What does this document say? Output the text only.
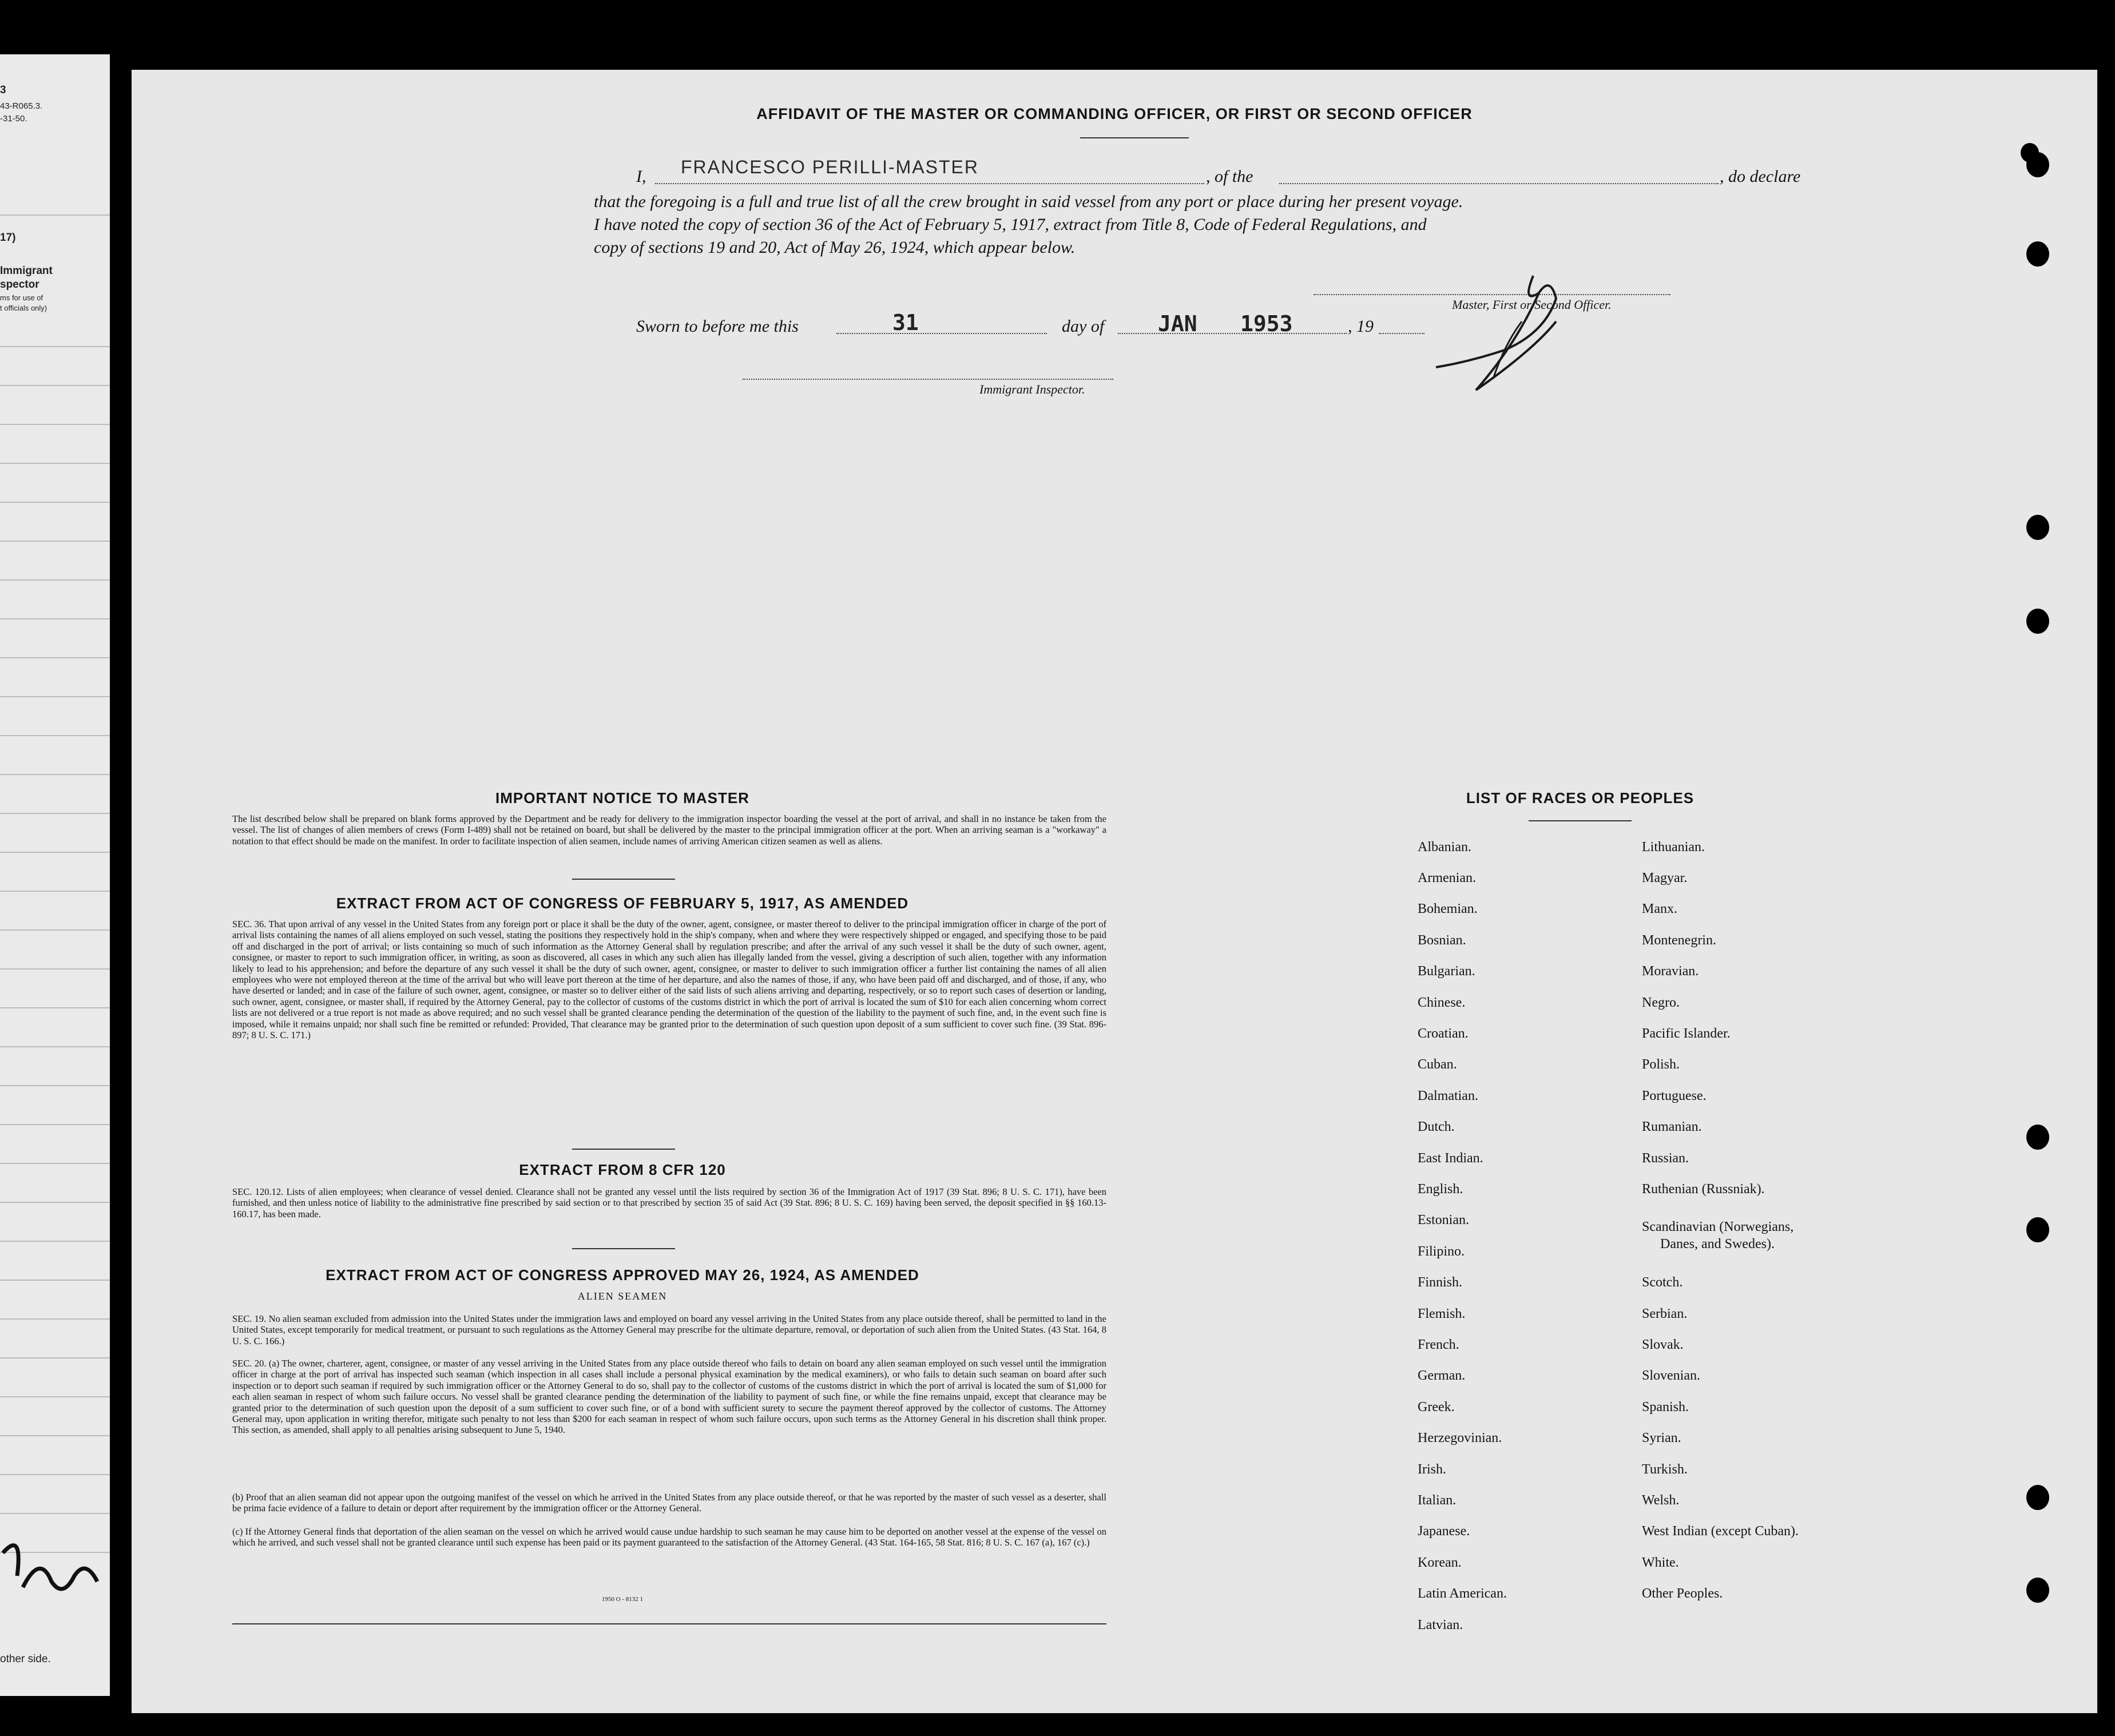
3
43-R065.3.
-31-50.
17)
Immigrant
spector
ms for use of
t officials only)
other side.
AFFIDAVIT OF THE MASTER OR COMMANDING OFFICER, OR FIRST OR SECOND OFFICER
I, FRANCESCO PERILLI-MASTER	, of the	, do declare
that the foregoing is a full and true list of all the crew brought in said vessel from any port or place during her present voyage.
I have noted the copy of section 36 of the Act of February 5, 1917, extract from Title 8, Code of Federal Regulations, and
copy of sections 19 and 20, Act of May 26, 1924, which appear below.
Master, First or Second Officer.
Sworn to before me this	31	day of JAN 1953	, 19
Immigrant Inspector.
IMPORTANT NOTICE TO MASTER
The list described below shall be prepared on blank forms approved by the Department and be ready for delivery to the immigration inspector boarding the vessel at the port of arrival, and shall in no instance be taken from the vessel. The list of changes of alien members of crews (Form I-489) shall not be retained on board, but shall be delivered by the master to the principal immigration officer at the port. When an arriving seaman is a "workaway" a notation to that effect should be made on the manifest. In order to facilitate inspection of alien seamen, include names of arriving American citizen seamen as well as aliens.
EXTRACT FROM ACT OF CONGRESS OF FEBRUARY 5, 1917, AS AMENDED
SEC. 36. That upon arrival of any vessel in the United States from any foreign port or place it shall be the duty of the owner, agent, consignee, or master thereof to deliver to the principal immigration officer in charge of the port of arrival lists containing the names of all aliens employed on such vessel, stating the positions they respectively hold in the ship's company, when and where they were respectively shipped or engaged, and specifying those to be paid off and discharged in the port of arrival; or lists containing so much of such information as the Attorney General shall by regulation prescribe; and after the arrival of any such vessel it shall be the duty of such owner, agent, consignee, or master to report to such immigration officer, in writing, as soon as discovered, all cases in which any such alien has illegally landed from the vessel, giving a description of such alien, together with any information likely to lead to his apprehension; and before the departure of any such vessel it shall be the duty of such owner, agent, consignee, or master to deliver to such immigration officer a further list containing the names of all alien employees who were not employed thereon at the time of the arrival but who will leave port thereon at the time of her departure, and also the names of those, if any, who have been paid off and discharged, and of those, if any, who have deserted or landed; and in case of the failure of such owner, agent, consignee, or master so to deliver either of the said lists of such aliens arriving and departing, respectively, or so to report such cases of desertion or landing, such owner, agent, consignee, or master shall, if required by the Attorney General, pay to the collector of customs of the customs district in which the port of arrival is located the sum of $10 for each alien concerning whom correct lists are not delivered or a true report is not made as above required; and no such vessel shall be granted clearance pending the determination of the question of the liability to the payment of such fine, and, in the event such fine is imposed, while it remains unpaid; nor shall such fine be remitted or refunded: Provided, That clearance may be granted prior to the determination of such question upon deposit of a sum sufficient to cover such fine. (39 Stat. 896-897; 8 U. S. C. 171.)
EXTRACT FROM 8 CFR 120
SEC. 120.12. Lists of alien employees; when clearance of vessel denied. Clearance shall not be granted any vessel until the lists required by section 36 of the Immigration Act of 1917 (39 Stat. 896; 8 U. S. C. 171), have been furnished, and then unless notice of liability to the administrative fine prescribed by said section or to that prescribed by section 35 of said Act (39 Stat. 896; 8 U. S. C. 169) having been served, the deposit specified in §§ 160.13-160.17, has been made.
EXTRACT FROM ACT OF CONGRESS APPROVED MAY 26, 1924, AS AMENDED
ALIEN SEAMEN
SEC. 19. No alien seaman excluded from admission into the United States under the immigration laws and employed on board any vessel arriving in the United States from any place outside thereof, shall be permitted to land in the United States, except temporarily for medical treatment, or pursuant to such regulations as the Attorney General may prescribe for the ultimate departure, removal, or deportation of such alien from the United States. (43 Stat. 164, 8 U. S. C. 166.)
SEC. 20. (a) The owner, charterer, agent, consignee, or master of any vessel arriving in the United States from any place outside thereof who fails to detain on board any alien seaman employed on such vessel until the immigration officer in charge at the port of arrival has inspected such seaman (which inspection in all cases shall include a personal physical examination by the medical examiners), or who fails to detain such seaman on board after such inspection or to deport such seaman if required by such immigration officer or the Attorney General to do so, shall pay to the collector of customs of the customs district in which the port of arrival is located the sum of $1,000 for each alien seaman in respect of whom such failure occurs. No vessel shall be granted clearance pending the determination of the liability to payment of such fine, or while the fine remains unpaid, except that clearance may be granted prior to the determination of such question upon the deposit of a sum sufficient to cover such fine, or of a bond with sufficient surety to secure the payment thereof approved by the collector of customs. The Attorney General may, upon application in writing therefor, mitigate such penalty to not less than $200 for each seaman in respect of whom such failure occurs, upon such terms as the Attorney General in his discretion shall think proper. This section, as amended, shall apply to all penalties arising subsequent to June 5, 1940.
(b) Proof that an alien seaman did not appear upon the outgoing manifest of the vessel on which he arrived in the United States from any place outside thereof, or that he was reported by the master of such vessel as a deserter, shall be prima facie evidence of a failure to detain or deport after requirement by the immigration officer or the Attorney General.
(c) If the Attorney General finds that deportation of the alien seaman on the vessel on which he arrived would cause undue hardship to such seaman he may cause him to be deported on another vessel at the expense of the vessel on which he arrived, and such vessel shall not be granted clearance until such expense has been paid or its payment guaranteed to the satisfaction of the Attorney General. (43 Stat. 164-165, 58 Stat. 816; 8 U. S. C. 167 (a), 167 (c).)
1950 O - 8132 1
LIST OF RACES OR PEOPLES
Albanian.
Armenian.
Bohemian.
Bosnian.
Bulgarian.
Chinese.
Croatian.
Cuban.
Dalmatian.
Dutch.
East Indian.
English.
Estonian.
Filipino.
Finnish.
Flemish.
French.
German.
Greek.
Herzegovinian.
Irish.
Italian.
Japanese.
Korean.
Latin American.
Latvian.
Lithuanian.
Magyar.
Manx.
Montenegrin.
Moravian.
Negro.
Pacific Islander.
Polish.
Portuguese.
Rumanian.
Russian.
Ruthenian (Russniak).
Scandinavian (Norwegians,
Danes, and Swedes).
Scotch.
Serbian.
Slovak.
Slovenian.
Spanish.
Syrian.
Turkish.
Welsh.
West Indian (except Cuban).
White.
Other Peoples.
